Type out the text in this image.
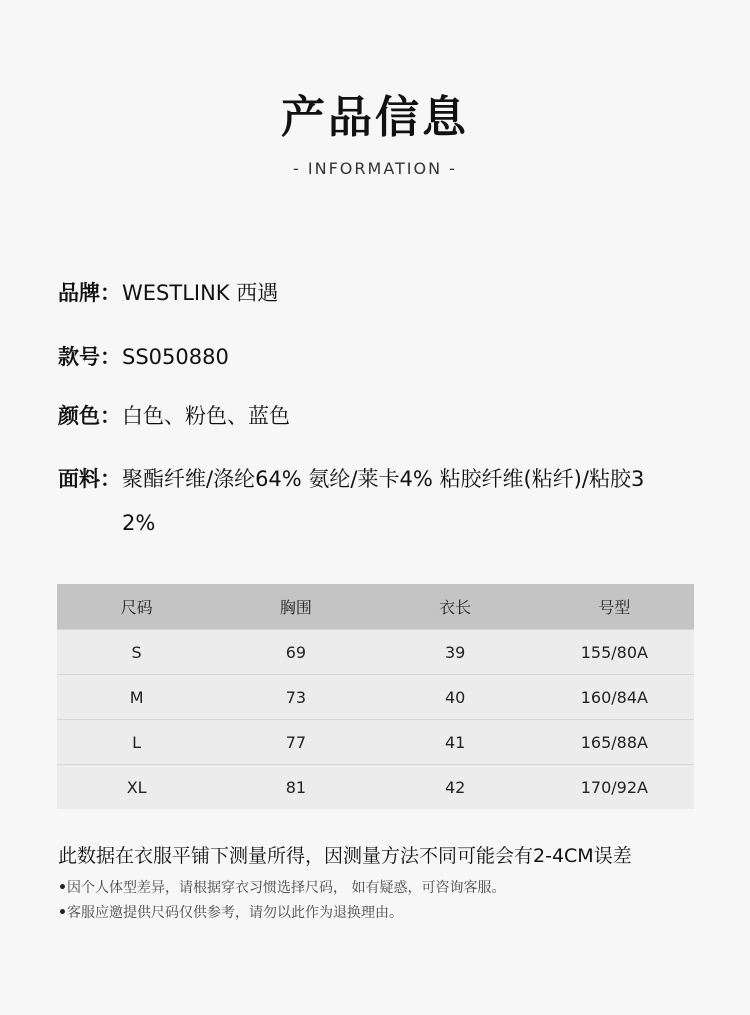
产品信息
- INFORMATION -
品牌：WESTLINK 西遇
款号：SS050880
颜色：白色、粉色、蓝色
面料：聚酯纤维/涤纶64% 氨纶/莱卡4% 粘胶纤维(粘纤)/粘胶32%
尺码	胸围	衣长	号型
S	69	39	155/80A
M	73	40	160/84A
L	77	41	165/88A
XL	81	42	170/92A
此数据在衣服平铺下测量所得，因测量方法不同可能会有2-4CM误差
•因个人体型差异，请根据穿衣习惯选择尺码， 如有疑惑，可咨询客服。
•客服应邀提供尺码仅供参考，请勿以此作为退换理由。
